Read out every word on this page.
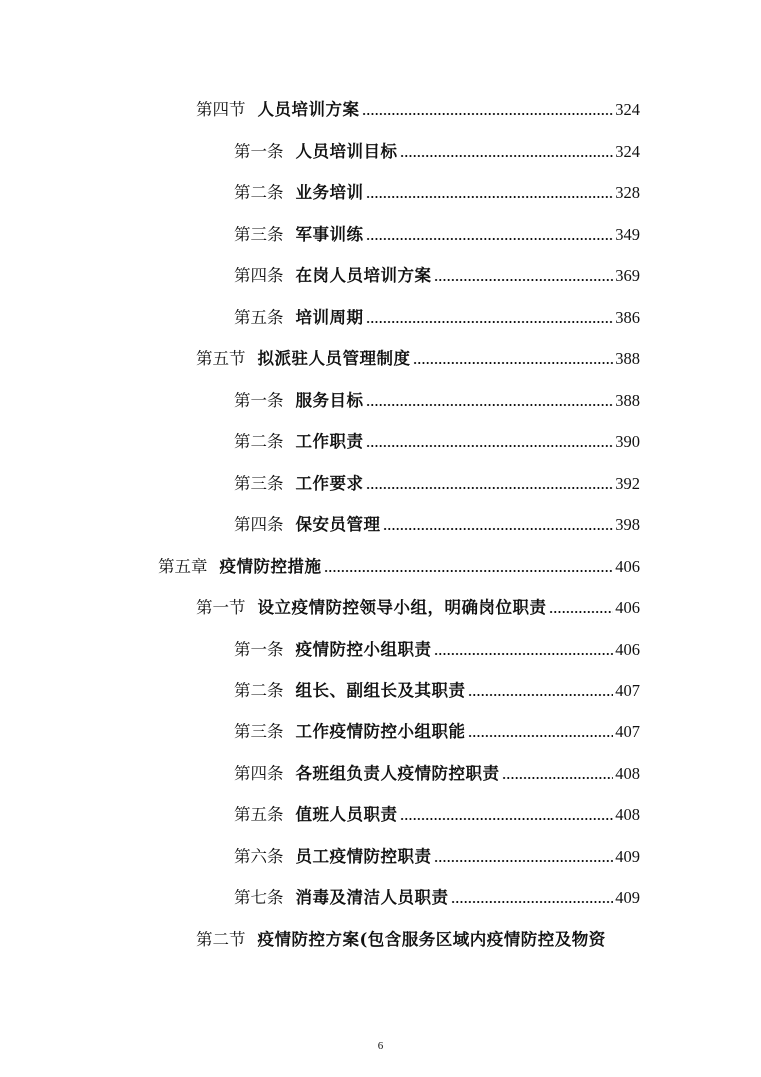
第四节 人员培训方案	324
第一条 人员培训目标	324
第二条 业务培训	328
第三条 军事训练	349
第四条 在岗人员培训方案	369
第五条 培训周期	386
第五节 拟派驻人员管理制度	388
第一条 服务目标	388
第二条 工作职责	390
第三条 工作要求	392
第四条 保安员管理	398
第五章 疫情防控措施	406
第一节 设立疫情防控领导小组，明确岗位职责	406
第一条 疫情防控小组职责	406
第二条 组长、副组长及其职责	407
第三条 工作疫情防控小组职能	407
第四条 各班组负责人疫情防控职责	408
第五条 值班人员职责	408
第六条 员工疫情防控职责	409
第七条 消毒及清洁人员职责	409
第二节 疫情防控方案(包含服务区域内疫情防控及物资
6
